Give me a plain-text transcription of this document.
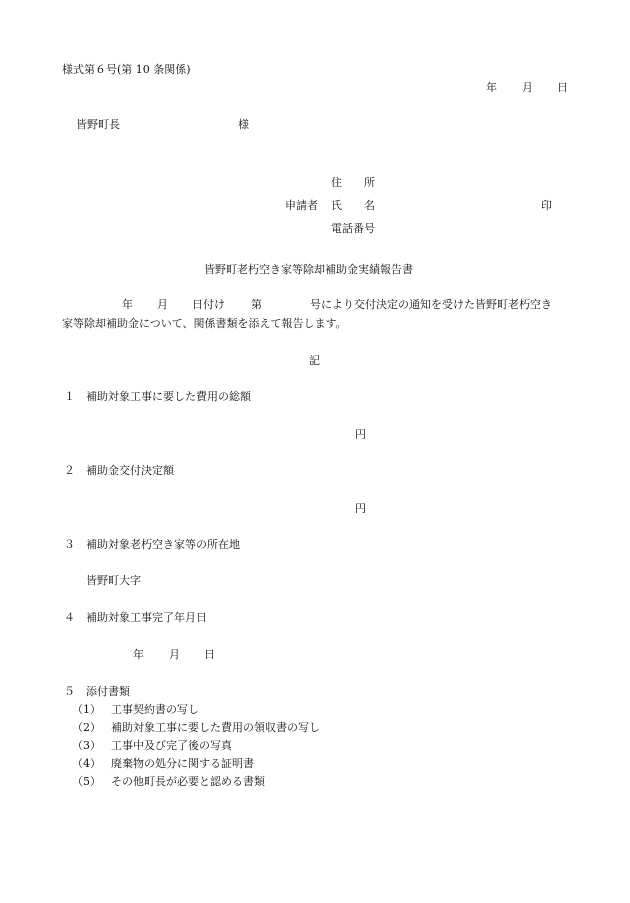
様式第６号(第 10 条関係)
年 月 日
皆野町長	様
住　　所
申請者 氏　　名	印
電話番号
皆野町老朽空き家等除却補助金実績報告書
年 月 日付け 第	号により交付決定の通知を受けた皆野町老朽空き
家等除却補助金について、関係書類を添えて報告します。
記
１ 補助対象工事に要した費用の総額
円
２ 補助金交付決定額
円
３ 補助対象老朽空き家等の所在地
皆野町大字
４ 補助対象工事完了年月日
年 月 日
５ 添付書類
（1） 工事契約書の写し
（2） 補助対象工事に要した費用の領収書の写し
（3） 工事中及び完了後の写真
（4） 廃棄物の処分に関する証明書
（5） その他町長が必要と認める書類
